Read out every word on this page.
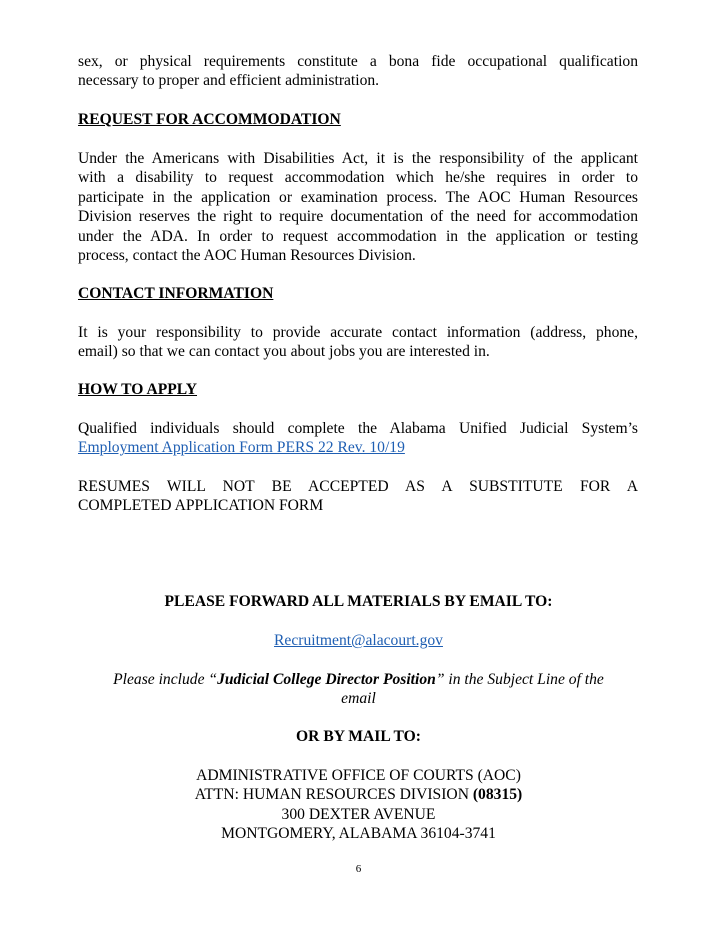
sex, or physical requirements constitute a bona fide occupational qualification
necessary to proper and efficient administration.

REQUEST FOR ACCOMMODATION

Under the Americans with Disabilities Act, it is the responsibility of the applicant
with a disability to request accommodation which he/she requires in order to
participate in the application or examination process. The AOC Human Resources
Division reserves the right to require documentation of the need for accommodation
under the ADA. In order to request accommodation in the application or testing
process, contact the AOC Human Resources Division.

CONTACT INFORMATION

It is your responsibility to provide accurate contact information (address, phone,
email) so that we can contact you about jobs you are interested in.

HOW TO APPLY

Qualified individuals should complete the Alabama Unified Judicial System’s
Employment Application Form PERS 22 Rev. 10/19
RESUMES WILL NOT BE ACCEPTED AS A SUBSTITUTE FOR A
COMPLETED APPLICATION FORM

PLEASE FORWARD ALL MATERIALS BY EMAIL TO:

Recruitment@alacourt.gov

Please include “Judicial College Director Position” in the Subject Line of the

email

OR BY MAIL TO:

ADMINISTRATIVE OFFICE OF COURTS (AOC)
ATTN: HUMAN RESOURCES DIVISION (08315)
300 DEXTER AVENUE
MONTGOMERY, ALABAMA 36104-3741

6
